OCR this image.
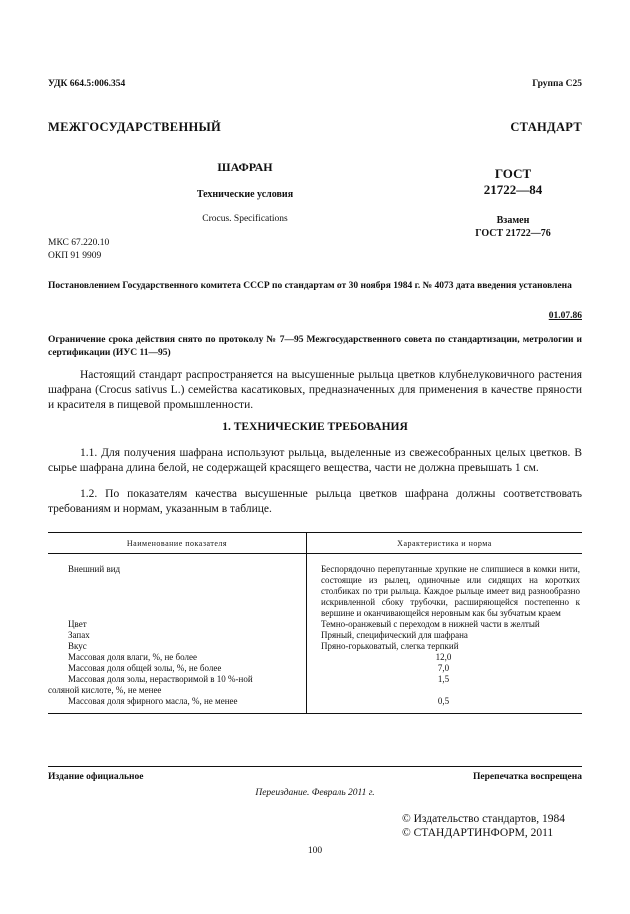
УДК 664.5:006.354	Группа С25
МЕЖГОСУДАРСТВЕННЫЙ СТАНДАРТ
ШАФРАН
Технические условия
Crocus. Specifications
ГОСТ
21722—84
Взамен
ГОСТ 21722—76
МКС 67.220.10
ОКП 91 9909
Постановлением Государственного комитета СССР по стандартам от 30 ноября 1984 г. № 4073 дата введения установлена
01.07.86
Ограничение срока действия снято по протоколу № 7—95 Межгосударственного совета по стандартизации, метрологии и сертификации (ИУС 11—95)
Настоящий стандарт распространяется на высушенные рыльца цветков клубнелуковичного растения шафрана (Crocus sativus L.) семейства касатиковых, предназначенных для применения в качестве пряности и красителя в пищевой промышленности.
1. ТЕХНИЧЕСКИЕ ТРЕБОВАНИЯ
1.1. Для получения шафрана используют рыльца, выделенные из свежесобранных целых цветков. В сырье шафрана длина белой, не содержащей красящего вещества, части не должна превышать 1 см.
1.2. По показателям качества высушенные рыльца цветков шафрана должны соответствовать требованиям и нормам, указанным в таблице.
Наименование показателя	Характеристика и норма
Внешний вид	Беспорядочно перепутанные хрупкие не слипшиеся в комки нити, состоящие из рылец, одиночные или сидящих на коротких столбиках по три рыльца. Каждое рыльце имеет вид разнообразно искривленной сбоку трубочки, расширяющейся постепенно к вершине и оканчивающейся неровным как бы зубчатым краем
Цвет	Темно-оранжевый с переходом в нижней части в желтый
Запах	Пряный, специфический для шафрана
Вкус	Пряно-горьковатый, слегка терпкий
Массовая доля влаги, %, не более	12,0
Массовая доля общей золы, %, не более	7,0

Массовая доля золы, нерастворимой в 10 %-ной
соляной кислоте, %, не менее	1,5
Массовая доля эфирного масла, %, не менее	0,5
Издание официальное	Перепечатка воспрещена
Переиздание. Февраль 2011 г.
© Издательство стандартов, 1984
© СТАНДАРТИНФОРМ, 2011
100
